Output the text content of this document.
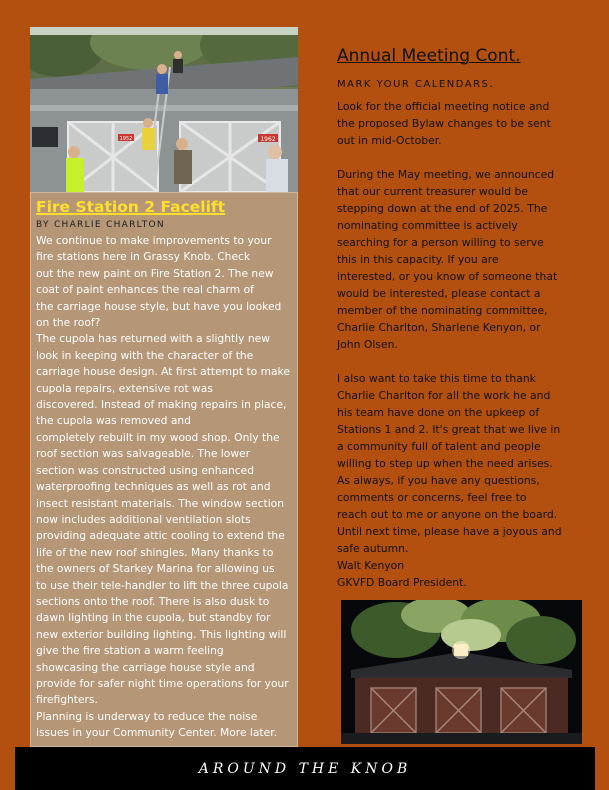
1952	1962
Fire Station 2 Facelift
BY CHARLIE CHARLTON

We continue to make improvements to your
fire stations here in Grassy Knob. Check
out the new paint on Fire Station 2. The new
coat of paint enhances the real charm of
the carriage house style, but have you looked
on the roof?
The cupola has returned with a slightly new
look in keeping with the character of the
carriage house design. At first attempt to make
cupola repairs, extensive rot was
discovered. Instead of making repairs in place,
the cupola was removed and
completely rebuilt in my wood shop. Only the
roof section was salvageable. The lower
section was constructed using enhanced
waterproofing techniques as well as rot and
insect resistant materials. The window section
now includes additional ventilation slots
providing adequate attic cooling to extend the
life of the new roof shingles. Many thanks to
the owners of Starkey Marina for allowing us
to use their tele-handler to lift the three cupola
sections onto the roof. There is also dusk to
dawn lighting in the cupola, but standby for
new exterior building lighting. This lighting will
give the fire station a warm feeling
showcasing the carriage house style and
provide for safer night time operations for your
firefighters.
Planning is underway to reduce the noise
issues in your Community Center. More later.

Annual Meeting Cont.
MARK YOUR CALENDARS.

Look for the official meeting notice and
the proposed Bylaw changes to be sent
out in mid-October.

During the May meeting, we announced
that our current treasurer would be
stepping down at the end of 2025. The
nominating committee is actively
searching for a person willing to serve
this in this capacity. If you are
interested, or you know of someone that
would be interested, please contact a
member of the nominating committee,
Charlie Charlton, Sharlene Kenyon, or
John Olsen.

I also want to take this time to thank
Charlie Charlton for all the work he and
his team have done on the upkeep of
Stations 1 and 2. It's great that we live in
a community full of talent and people
willing to step up when the need arises.
As always, if you have any questions,
comments or concerns, feel free to
reach out to me or anyone on the board.
Until next time, please have a joyous and
safe autumn.
Walt Kenyon
GKVFD Board President.

AROUND THE KNOB
